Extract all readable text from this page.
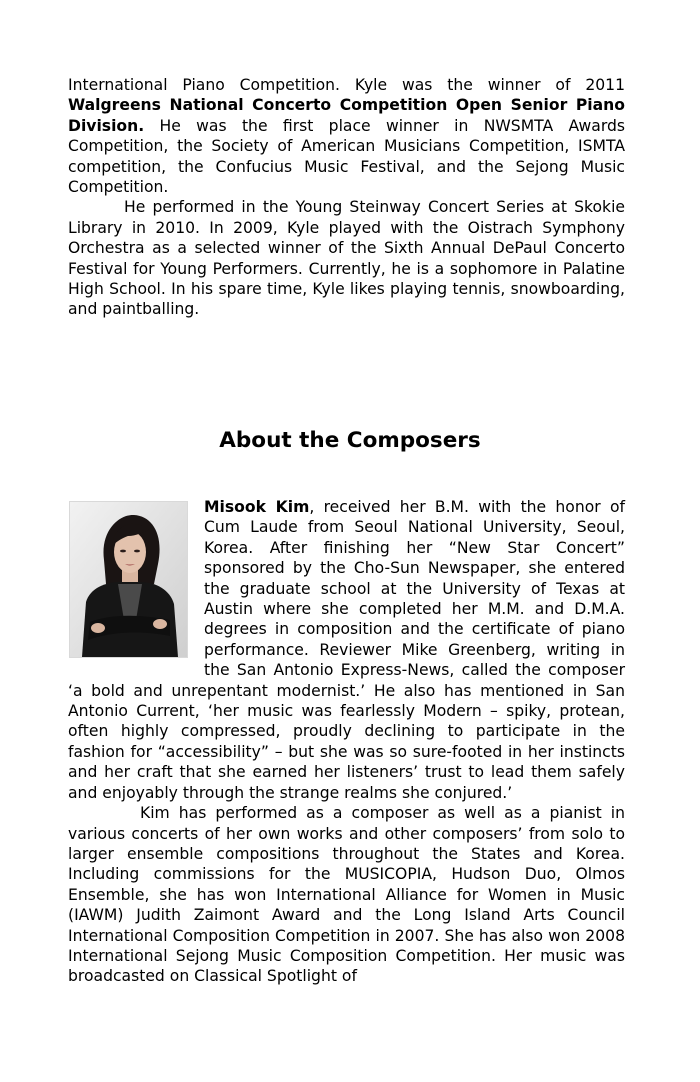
International Piano Competition. Kyle was the winner of 2011 Walgreens National Concerto Competition Open Senior Piano Division. He was the first place winner in NWSMTA Awards Competition, the Society of American Musicians Competition, ISMTA competition, the Confucius Music Festival, and the Sejong Music Competition.

He performed in the Young Steinway Concert Series at Skokie Library in 2010. In 2009, Kyle played with the Oistrach Symphony Orchestra as a selected winner of the Sixth Annual DePaul Concerto Festival for Young Performers. Currently, he is a sophomore in Palatine High School. In his spare time, Kyle likes playing tennis, snowboarding, and paintballing.

About the Composers

Misook Kim, received her B.M. with the honor of Cum Laude from Seoul National University, Seoul, Korea. After finishing her “New Star Concert” sponsored by the Cho-Sun Newspaper, she entered the graduate school at the University of Texas at Austin where she completed her M.M. and D.M.A. degrees in composition and the certificate of piano performance. Reviewer Mike Greenberg, writing in the San Antonio Express-News, called the composer ‘a bold and unrepentant modernist.’ He also has mentioned in San Antonio Current, ‘her music was fearlessly Modern – spiky, protean, often highly compressed, proudly declining to participate in the fashion for “accessibility” – but she was so sure-footed in her instincts and her craft that she earned her listeners’ trust to lead them safely and enjoyably through the strange realms she conjured.’

Kim has performed as a composer as well as a pianist in various concerts of her own works and other composers’ from solo to larger ensemble compositions throughout the States and Korea. Including commissions for the MUSICOPIA, Hudson Duo, Olmos Ensemble, she has won International Alliance for Women in Music (IAWM) Judith Zaimont Award and the Long Island Arts Council International Composition Competition in 2007. She has also won 2008 International Sejong Music Composition Competition. Her music was broadcasted on Classical Spotlight of
